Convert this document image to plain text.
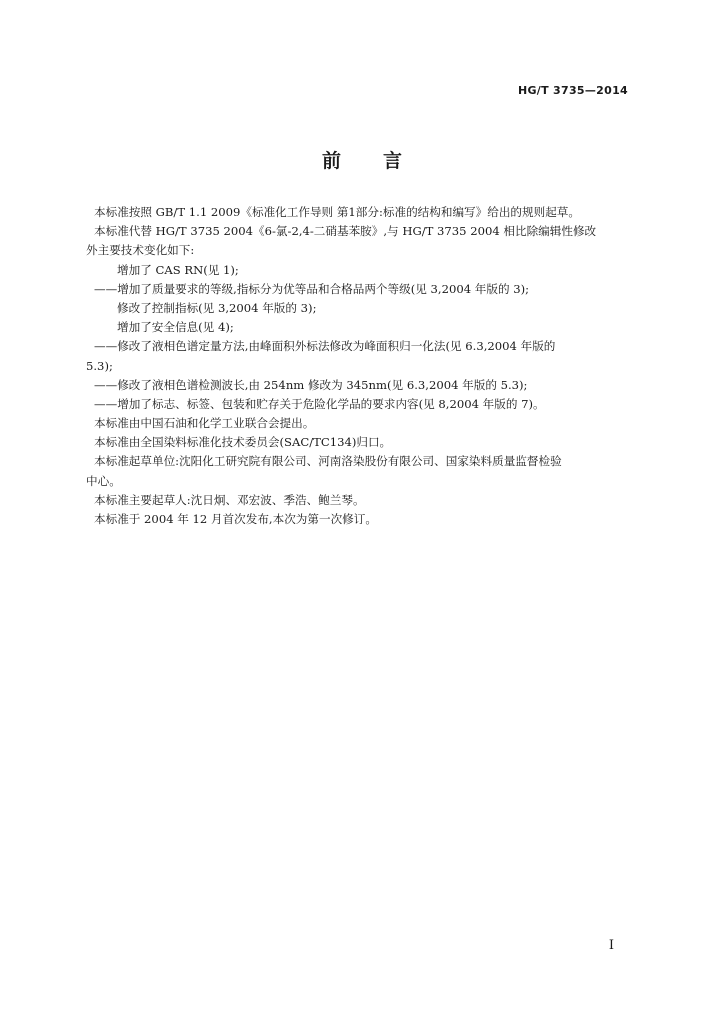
HG/T 3735—2014
前 言
本标准按照 GB/T 1.1 2009《标准化工作导则 第1部分:标准的结构和编写》给出的规则起草。
本标准代替 HG/T 3735 2004《6-氯-2,4-二硝基苯胺》,与 HG/T 3735 2004 相比除编辑性修改
外主要技术变化如下:
增加了 CAS RN(见 1);
——增加了质量要求的等级,指标分为优等品和合格品两个等级(见 3,2004 年版的 3);
修改了控制指标(见 3,2004 年版的 3);
增加了安全信息(见 4);
——修改了液相色谱定量方法,由峰面积外标法修改为峰面积归一化法(见 6.3,2004 年版的
5.3);
——修改了液相色谱检测波长,由 254nm 修改为 345nm(见 6.3,2004 年版的 5.3);
——增加了标志、标签、包装和贮存关于危险化学品的要求内容(见 8,2004 年版的 7)。
本标准由中国石油和化学工业联合会提出。
本标准由全国染料标准化技术委员会(SAC/TC134)归口。
本标准起草单位:沈阳化工研究院有限公司、河南洛染股份有限公司、国家染料质量监督检验
中心。
本标准主要起草人:沈日炯、邓宏波、季浩、鲍兰琴。
本标准于 2004 年 12 月首次发布,本次为第一次修订。
I
